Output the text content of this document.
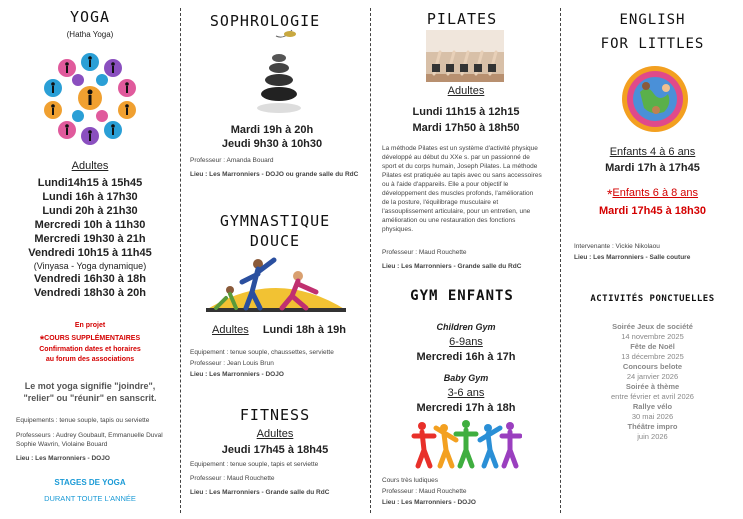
YOGA
(Hatha Yoga)
Adultes
Lundi14h15 à 15h45
Lundi 16h à 17h30
Lundi 20h à 21h30
Mercredi 10h à 11h30
Mercredi 19h30 à 21h
Vendredi 10h15 à 11h45
(Vinyasa - Yoga dynamique)
Vendredi 16h30 à 18h
Vendredi 18h30 à 20h
En projet
*COURS SUPPLÉMENTAIRES
Confirmation dates et horaires
au forum des associations
Le mot yoga signifie "joindre",
"relier" ou "réunir" en sanscrit.
Equipements : tenue souple, tapis ou serviette
Professeurs : Audrey Goubault, Emmanuelle Duval
Sophie Wavrin, Violaine Bouard
Lieu : Les Marronniers - DOJO
STAGES DE YOGA
DURANT TOUTE L'ANNÉE
SOPHROLOGIE
Mardi 19h à 20h
Jeudi 9h30 à 10h30
Professeur : Amanda Bouard
Lieu : Les Marronniers - DOJO ou grande salle du RdC
GYMNASTIQUE
DOUCE
Adultes Lundi 18h à 19h
Equipement : tenue souple, chaussettes, serviette
Professeur : Jean Louis Brun
Lieu : Les Marronniers - DOJO
FITNESS
Adultes
Jeudi 17h45 à 18h45
Equipement : tenue souple, tapis et serviette
Professeur : Maud Rouchette
Lieu : Les Marronniers - Grande salle du RdC
PILATES
Adultes
Lundi 11h15 à 12h15
Mardi 17h50 à 18h50
La méthode Pilates est un système d'activité physique
développé au début du XXe s. par un passionné de
sport et du corps humain, Joseph Pilates. La méthode
Pilates est pratiquée au tapis avec ou sans accessoires
ou à l'aide d'appareils. Elle a pour objectif le
développement des muscles profonds, l'amélioration
de la posture, l'équilibrage musculaire et
l'assouplissement articulaire, pour un entretien, une
amélioration ou une restauration des fonctions
physiques.
Professeur : Maud Rouchette
Lieu : Les Marronniers - Grande salle du RdC
GYM ENFANTS
Children Gym
6-9ans
Mercredi 16h à 17h
Baby Gym
3-6 ans
Mercredi 17h à 18h
Cours très ludiques
Professeur : Maud Rouchette
Lieu : Les Marronniers - DOJO
ENGLISH
FOR LITTLES
Enfants 4 à 6 ans
Mardi 17h à 17h45
*Enfants 6 à 8 ans
Mardi 17h45 à 18h30
Intervenante : Vickie Nikolaou
Lieu : Les Marronniers - Salle couture
ACTIVITÉS PONCTUELLES
Soirée Jeux de société
14 novembre 2025
Fête de Noël
13 décembre 2025
Concours belote
24 janvier 2026
Soirée à thème
entre février et avril 2026
Rallye vélo
30 mai 2026
Théâtre impro
juin 2026
